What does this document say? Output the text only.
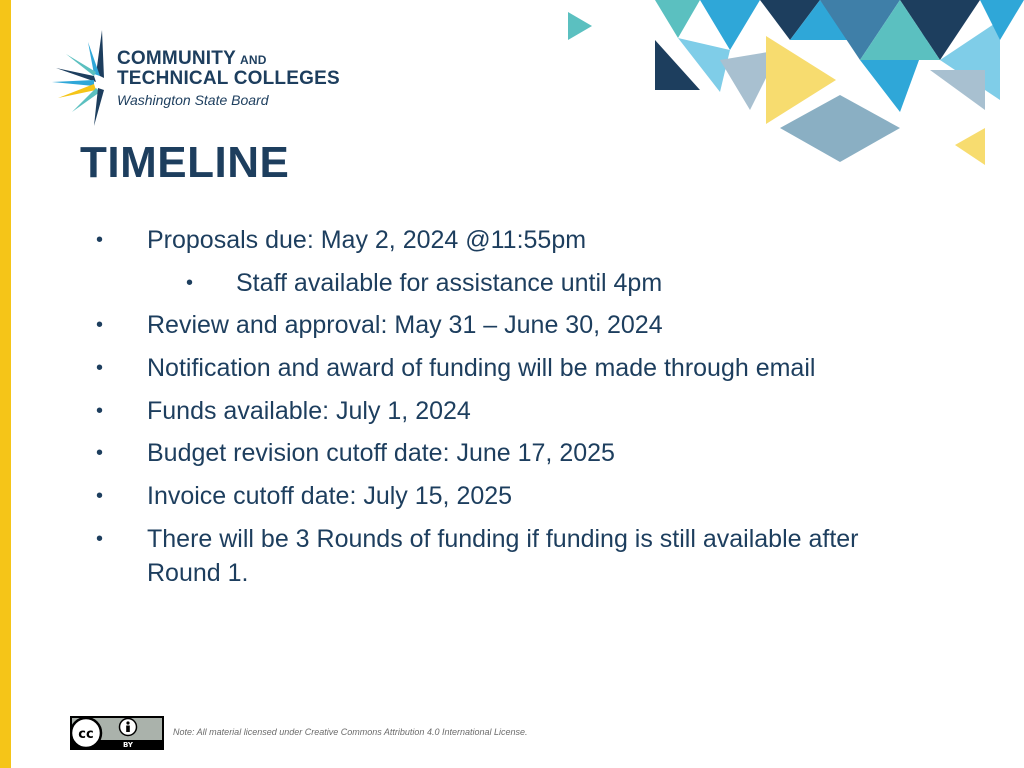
COMMUNITY AND
TECHNICAL COLLEGES
Washington State Board
TIMELINE
• Proposals due: May 2, 2024 @11:55pm
• Staff available for assistance until 4pm
• Review and approval: May 31 – June 30, 2024
• Notification and award of funding will be made through email
• Funds available: July 1, 2024
• Budget revision cutoff date: June 17, 2025
• Invoice cutoff date: July 15, 2025
• There will be 3 Rounds of funding if funding is still available after Round 1.
cc
BY
Note: All material licensed under Creative Commons Attribution 4.0 International License.
